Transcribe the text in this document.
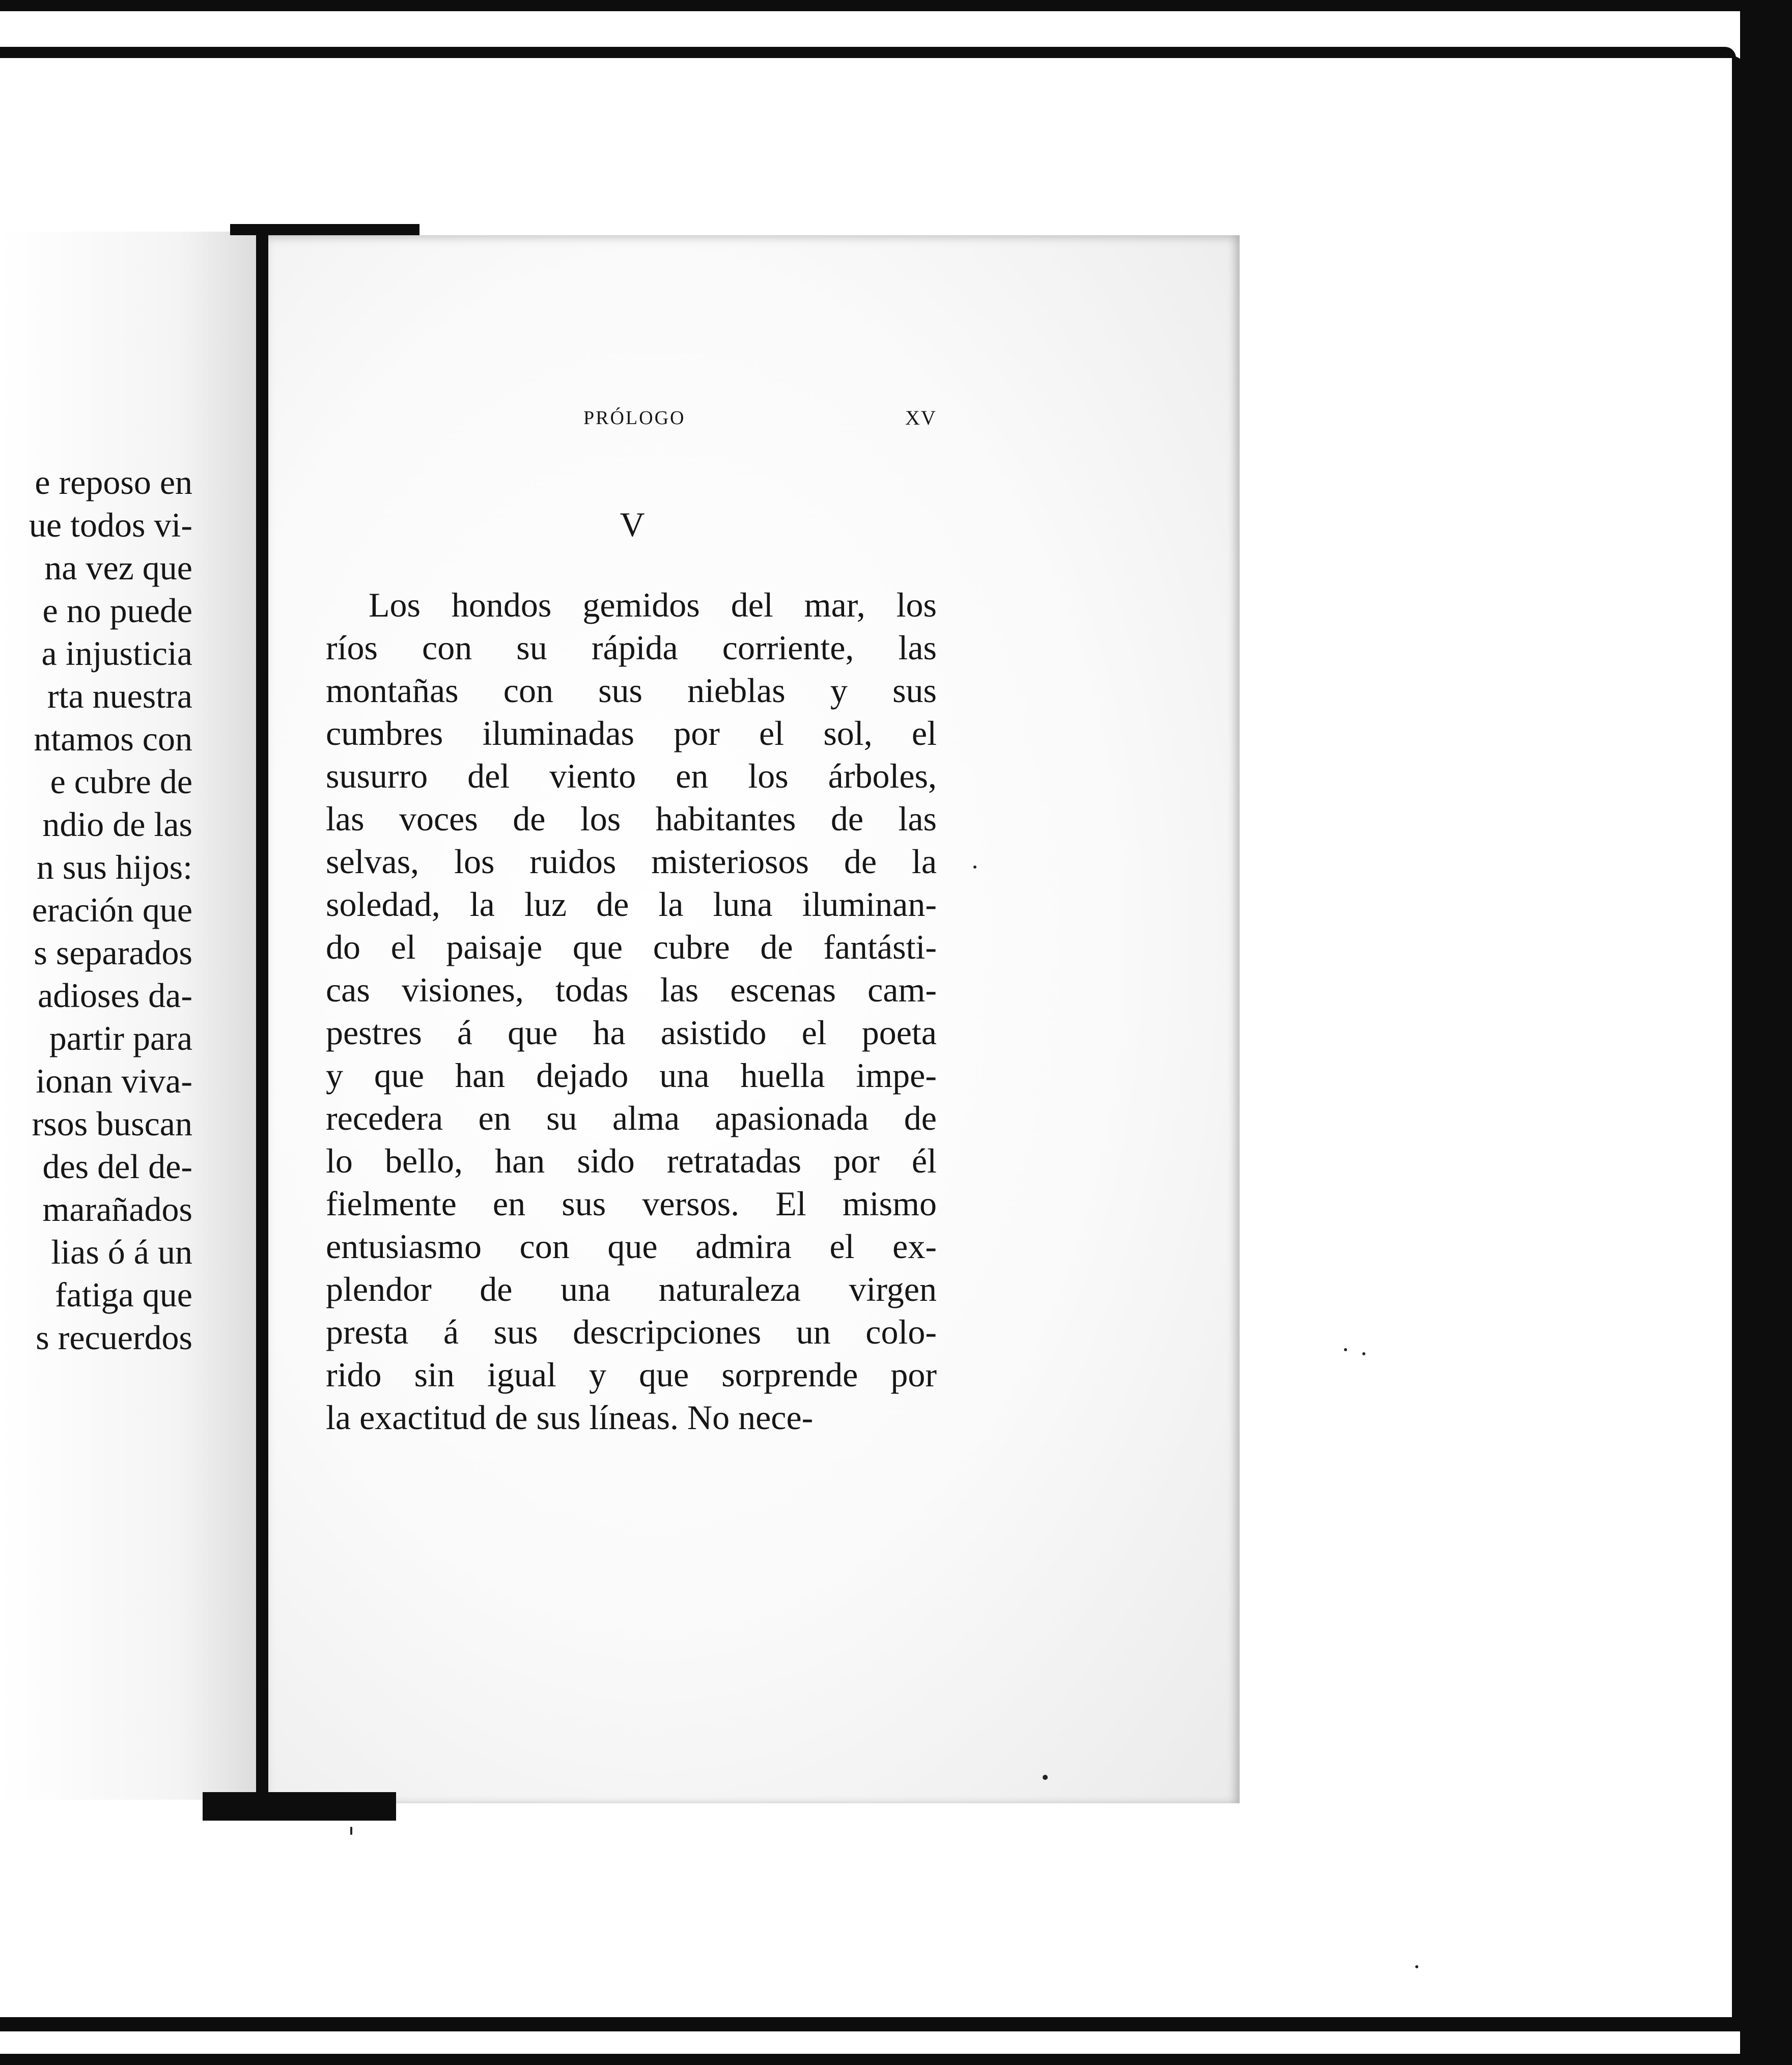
e reposo en
ue todos vi-
na vez que
e no puede
a injusticia
rta nuestra
ntamos con
e cubre de
ndio de las
n sus hijos:
eración que
s separados
adioses da-
partir para
ionan viva-
rsos buscan
des del de-
marañados
lias ó á un
fatiga que
s recuerdos
PRÓLOGO	XV
V
Los hondos gemidos del mar, los
ríos con su rápida corriente, las
montañas con sus nieblas y sus
cumbres iluminadas por el sol, el
susurro del viento en los árboles,
las voces de los habitantes de las
selvas, los ruidos misteriosos de la
soledad, la luz de la luna iluminan-
do el paisaje que cubre de fantásti-
cas visiones, todas las escenas cam-
pestres á que ha asistido el poeta
y que han dejado una huella impe-
recedera en su alma apasionada de
lo bello, han sido retratadas por él
fielmente en sus versos. El mismo
entusiasmo con que admira el ex-
plendor de una naturaleza virgen
presta á sus descripciones un colo-
rido sin igual y que sorprende por
la exactitud de sus líneas. No nece-
